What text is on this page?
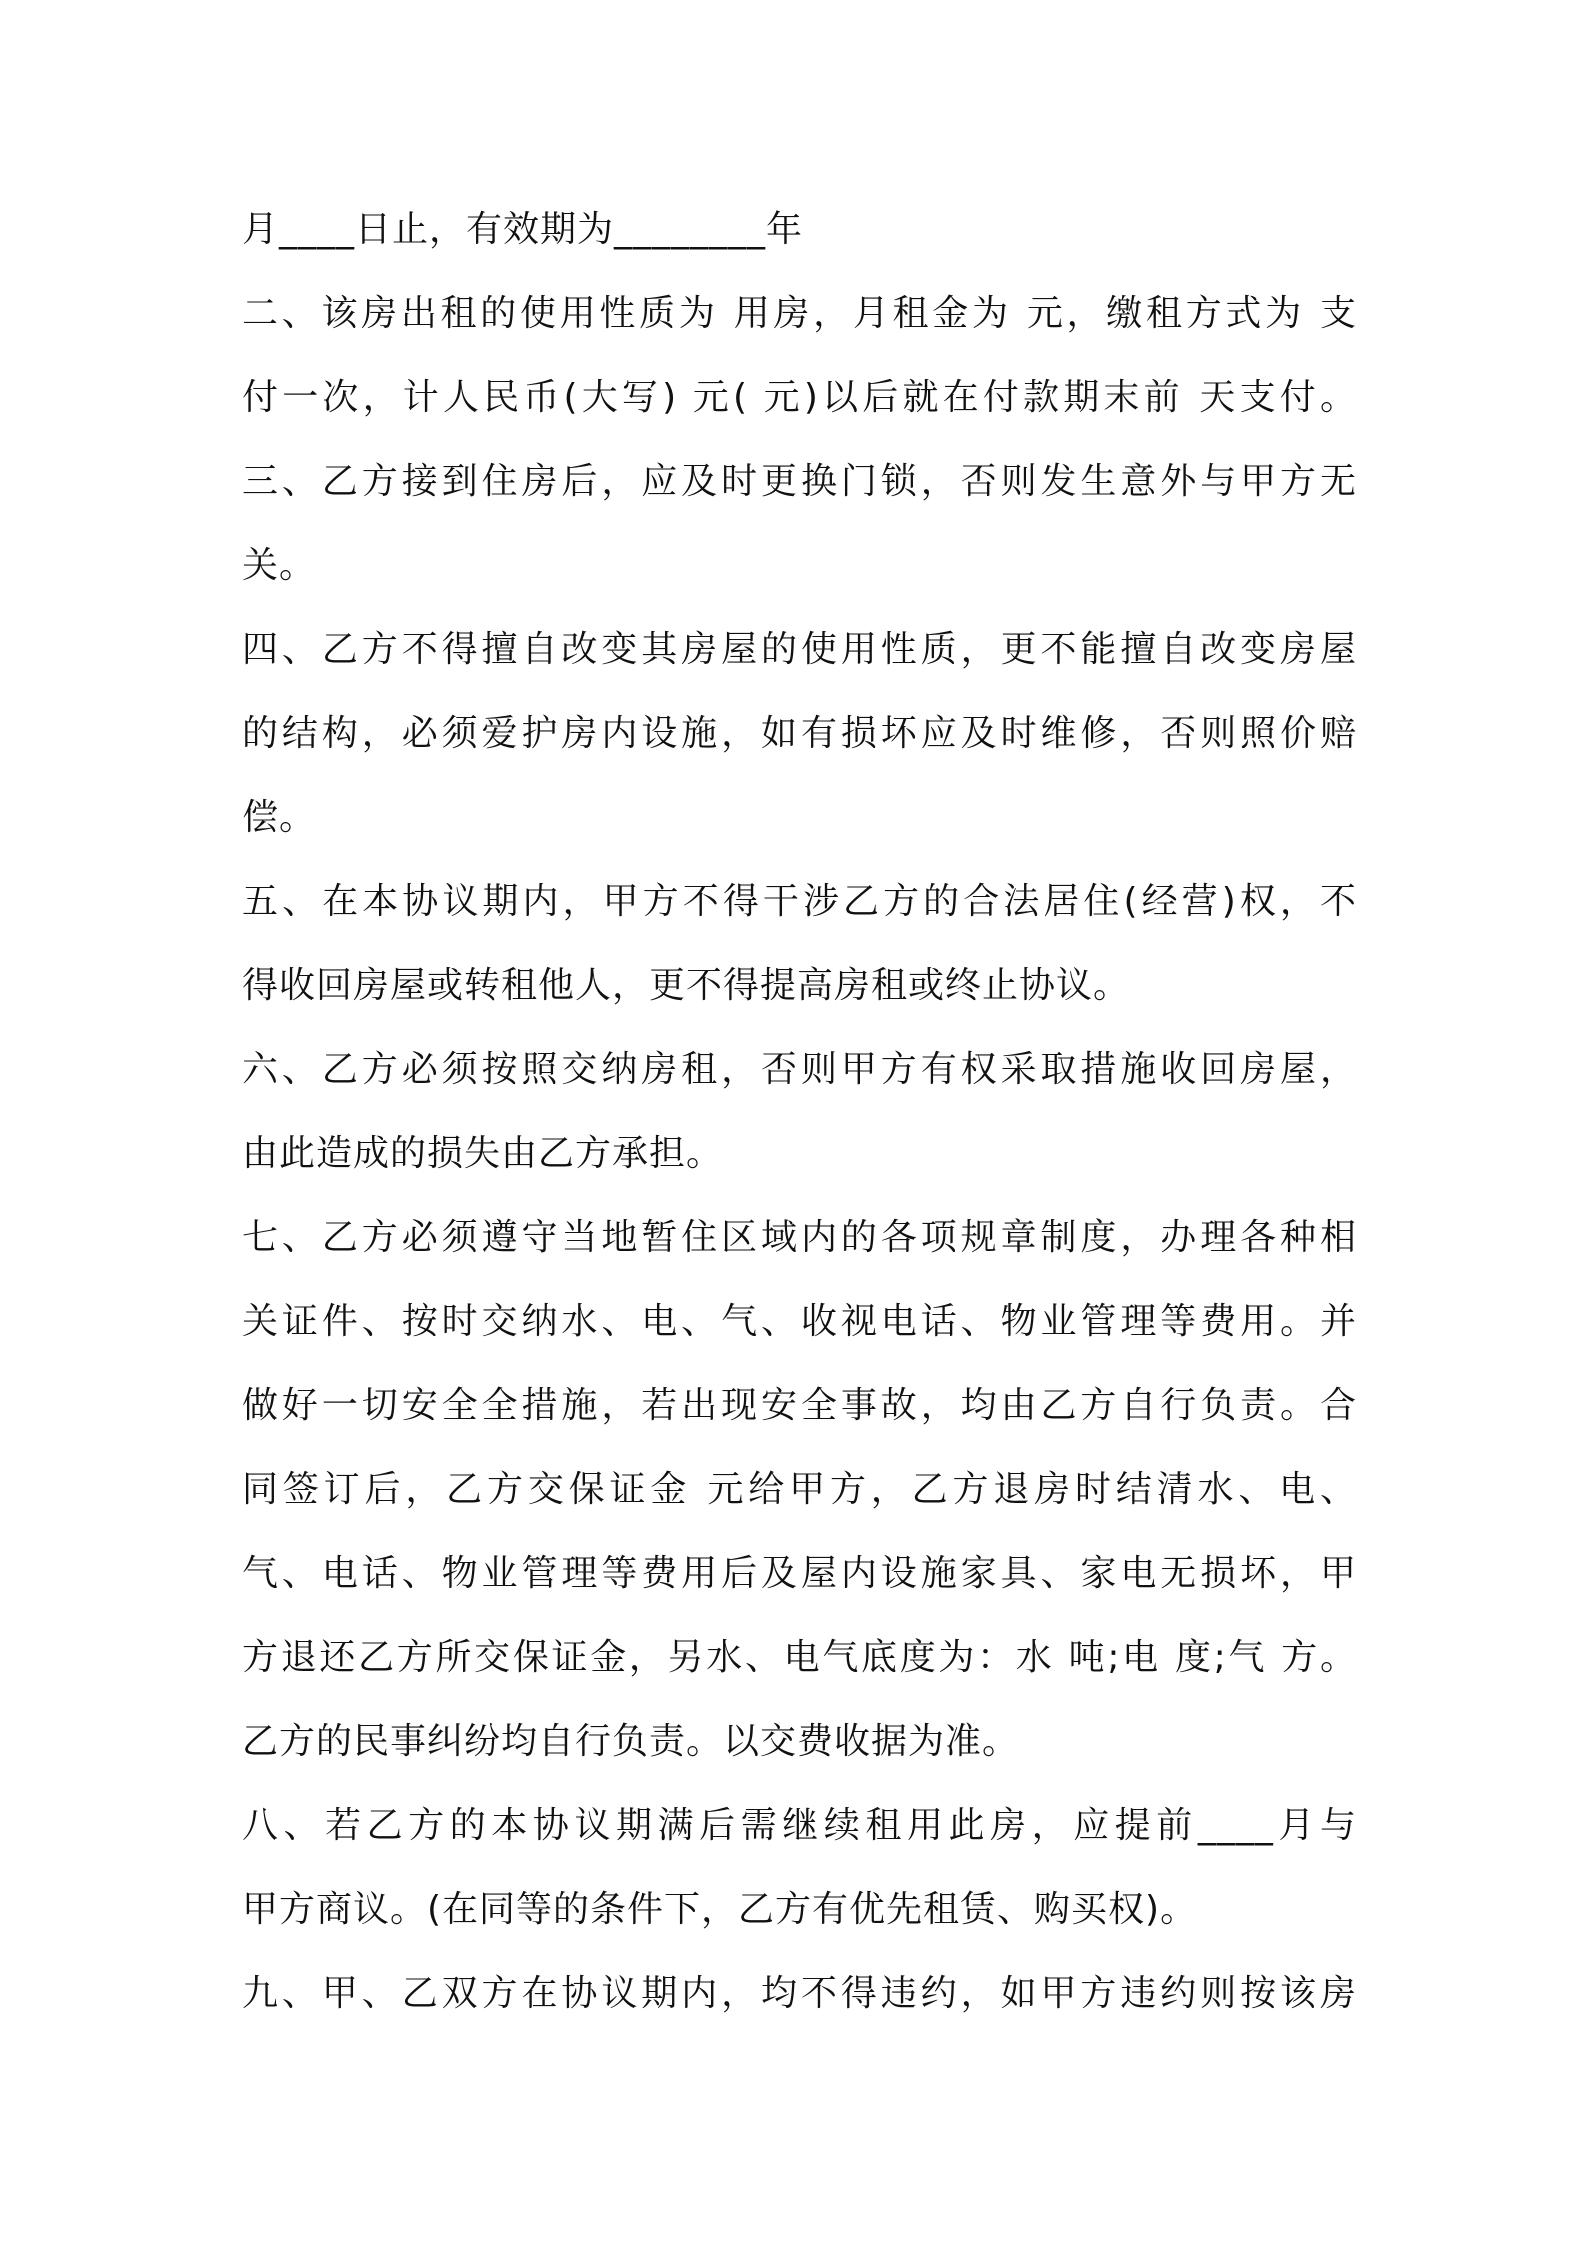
月____日止，有效期为________年
二、该房出租的使用性质为 用房，月租金为 元，缴租方式为 支
付一次，计人民币(大写) 元( 元)以后就在付款期末前 天支付。
三、乙方接到住房后，应及时更换门锁，否则发生意外与甲方无
关。
四、乙方不得擅自改变其房屋的使用性质，更不能擅自改变房屋
的结构，必须爱护房内设施，如有损坏应及时维修，否则照价赔
偿。
五、在本协议期内，甲方不得干涉乙方的合法居住(经营)权，不
得收回房屋或转租他人，更不得提高房租或终止协议。
六、乙方必须按照交纳房租，否则甲方有权采取措施收回房屋，
由此造成的损失由乙方承担。
七、乙方必须遵守当地暂住区域内的各项规章制度，办理各种相
关证件、按时交纳水、电、气、收视电话、物业管理等费用。并
做好一切安全全措施，若出现安全事故，均由乙方自行负责。合
同签订后，乙方交保证金 元给甲方，乙方退房时结清水、电、
气、电话、物业管理等费用后及屋内设施家具、家电无损坏，甲
方退还乙方所交保证金，另水、电气底度为：水 吨;电 度;气 方。
乙方的民事纠纷均自行负责。以交费收据为准。
八、若乙方的本协议期满后需继续租用此房，应提前____月与
甲方商议。(在同等的条件下，乙方有优先租赁、购买权)。
九、甲、乙双方在协议期内，均不得违约，如甲方违约则按该房
